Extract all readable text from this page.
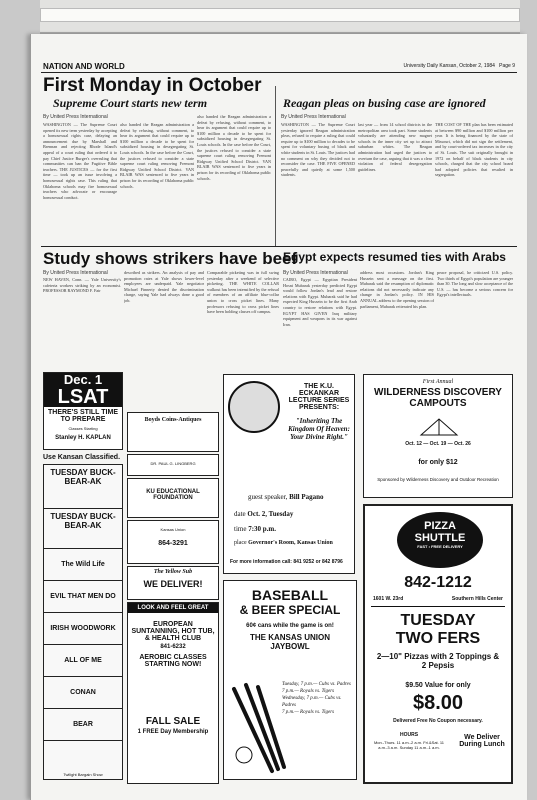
NATION AND WORLD	University Daily Kansan, October 2, 1984 Page 9
First Monday in October
Supreme Court starts new term
By United Press International
WASHINGTON — The Supreme Court opened its new term yesterday by accepting a homosexual rights case, delaying an announcement due by Marshall and Brennan and rejecting Rhode Island's appeal of a court ruling that ordered it to pay Chief Justice Burger's overruling that communities can ban the Fugitive Bible teachers. THE JUSTICES — for the first time — took up an issue involving a homosexual rights case. This ruling that Oklahoma schools may fire homosexual teachers who advocate or encourage homosexual conduct.
also handed the Reagan administration a defeat by refusing, without comment, to hear its argument that could require up to $100 million a decade to be spent for subsidized housing in desegregating St. Louis schools. In the case before the Court, the justices refused to consider a state supreme court ruling removing Fremont Ridgway Unified School District. VAN BLAIR WAS sentenced to five years in prison for its recording of Oklahoma public schools.
also handed the Reagan administration a defeat by refusing, without comment, to hear its argument that could require up to $100 million a decade to be spent for subsidized housing in desegregating St. Louis schools. In the case before the Court, the justices refused to consider a state supreme court ruling removing Fremont Ridgway Unified School District. VAN BLAIR WAS sentenced to five years in prison for its recording of Oklahoma public schools.
Reagan pleas on busing case are ignored
By United Press International
WASHINGTON — The Supreme Court yesterday ignored Reagan administration pleas, refused to require a ruling that could require up to $100 million to decades to be spent for voluntary busing of black and white students in St. Louis. The justices had no comment on why they decided not to reconsider the case. THE FIVE OPENED peacefully and quietly at some 1,500 students.
last year — from 14 school districts in the metropolitan area took part. Some students voluntarily are attending new magnet schools in the inner city set up to attract suburban whites. The Reagan administration had urged the justices to overturn the case, arguing that it was a clear violation of federal desegregation guidelines.
THE COST OF THE plan has been estimated at between $90 million and $100 million per year. It is being financed by the state of Missouri, which did not sign the settlement, and by court-ordered tax increases in the city of St. Louis. The suit originally brought in 1972 on behalf of black students in city schools, charged that the city school board had adopted policies that resulted in segregation.
Study shows strikers have beef
By United Press International
NEW HAVEN, Conn. — Yale University's cafeteria workers striking by an economist. PROFESSOR RAYMOND F. Fair
described as strikers. An analysis of pay and promotion rates at Yale shows lower-level employees are underpaid. Yale negotiator Michael Finnerty denied the discrimination charge, saying Yale had always done a good job.
Comparable picketing was in full swing yesterday after a weekend of selective picketing. THE WHITE COLLAR walkout has been intensified by the refusal of members of an affiliate blue-collar union to cross picket lines. Many professors refusing to cross picket lines have been holding classes off campus.
Egypt expects resumed ties with Arabs
By United Press International
CAIRO, Egypt — Egyptian President Hosni Mubarak yesterday predicted Egypt would follow Jordan's lead and restore relations with Egypt. Mubarak said he had expected King Hussein to be the first Arab country to restore relations with Egypt. EGYPT HAS GIVEN Iraq military equipment and weapons in its war against Iran.
address most occasions. Jordan's King Hussein sent a message on the first. Mubarak said the resumption of diplomatic relations did not necessarily indicate any change in Jordan's policy. IN HIS ANNUAL address to the opening session of parliament, Mubarak reiterated his plan.
peace proposal, he criticized U.S. policy. Two thirds of Egypt's population are younger than 30. The long and slow acceptance of the U.S. — has become a serious concern for Egypt's intellectuals.
Dec. 1
LSAT
THERE'S STILL TIME TO PREPARE
Classes Starting
Stanley H. KAPLAN
Use Kansan Classified.
TUESDAY BUCK-BEAR-AK
TUESDAY BUCK-BEAR-AK
The Wild Life
EVIL THAT MEN DO
IRISH WOODWORK
ALL OF ME
CONAN
BEAR
Twilight Bargain Show
Boyds Coins-Antiques
DR. PAUL G. LINGBERG
KU EDUCATIONAL FOUNDATION
Kansas Union
864-3291
The Yellow Sub
WE DELIVER!
LOOK AND FEEL GREAT
EUROPEAN SUNTANNING, HOT TUB, & HEALTH CLUB
841-6232
AEROBIC CLASSES STARTING NOW!
FALL SALE
1 FREE Day Membership
THE K.U. ECKANKAR LECTURE SERIES PRESENTS:
"Inheriting The Kingdom Of Heaven: Your Divine Right."
guest speaker, Bill Pagano
date Oct. 2, Tuesday
time 7:30 p.m.
place Governor's Room, Kansas Union
For more information call: 841 9252 or 842 8796
BASEBALL
& BEER SPECIAL
60¢ cans while the game is on!
THE KANSAS UNION
JAYBOWL
Tuesday, 7 p.m.— Cubs vs. Padres
7 p.m.— Royals vs. Tigers
Wednesday, 7 p.m.— Cubs vs. Padres
7 p.m.— Royals vs. Tigers
First Annual
WILDERNESS DISCOVERY CAMPOUTS
Oct. 12 — Oct. 19 — Oct. 26
for only $12
Sponsored by Wilderness Discovery and Outdoor Recreation
PIZZA
SHUTTLE
FAST • FREE DELIVERY
842-1212
1601 W. 23rd	Southern Hills Center
TUESDAY
TWO FERS
2—10" Pizzas with 2 Toppings & 2 Pepsis
$9.50 Value for only
$8.00
Delivered Free No Coupon necessary.
HOURS
Mon.-Thurs. 11 a.m.-2 a.m. Fri.&Sat. 11 a.m.-3 a.m. Sunday 11 a.m.-1 a.m.
We Deliver During Lunch
